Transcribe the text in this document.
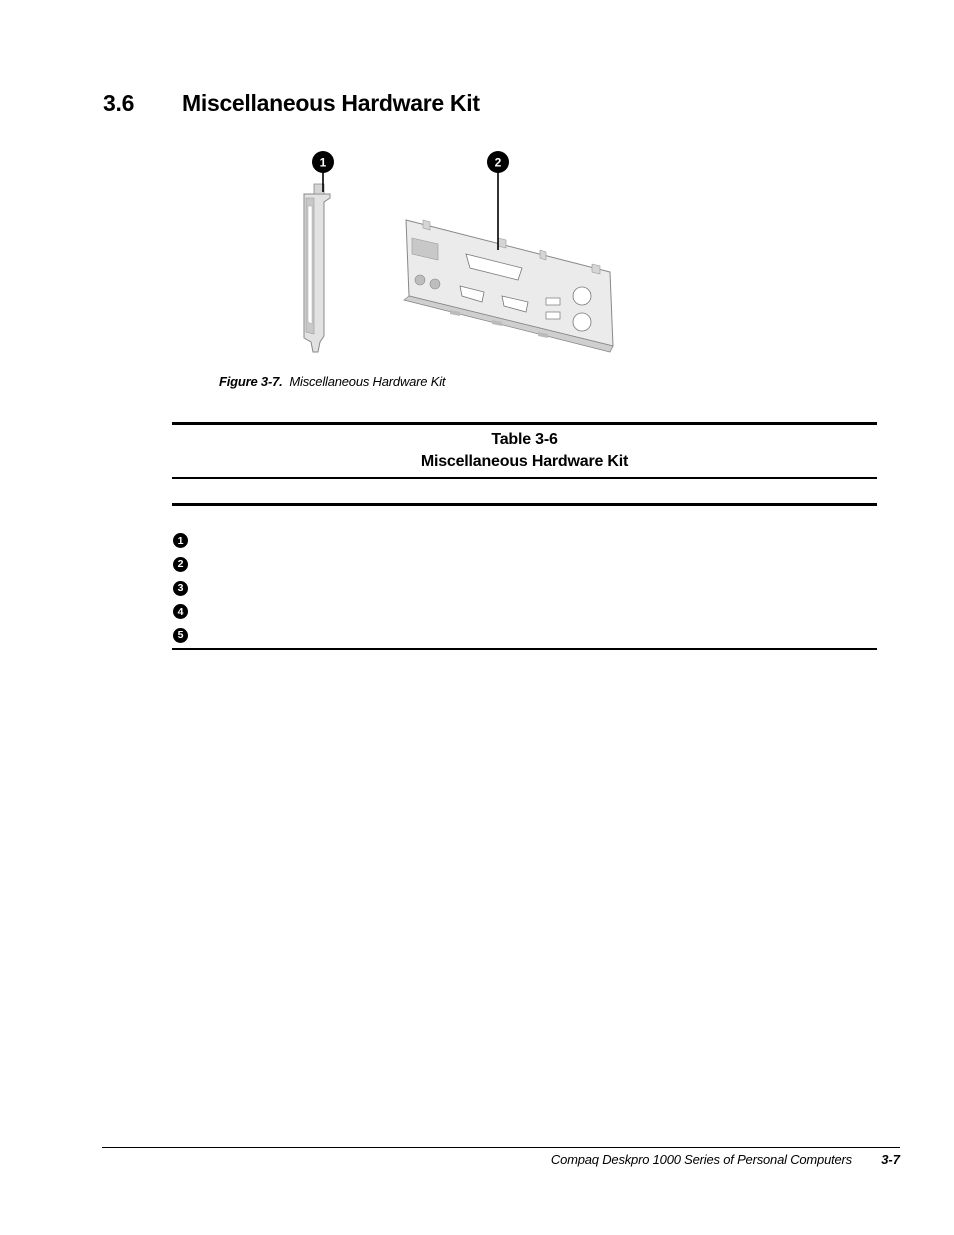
3.6 Miscellaneous Hardware Kit
1	2
Figure 3-7. Miscellaneous Hardware Kit
Table 3-6
Miscellaneous Hardware Kit
1
2
3
4
5
Compaq Deskpro 1000 Series of Personal Computers 3-7
